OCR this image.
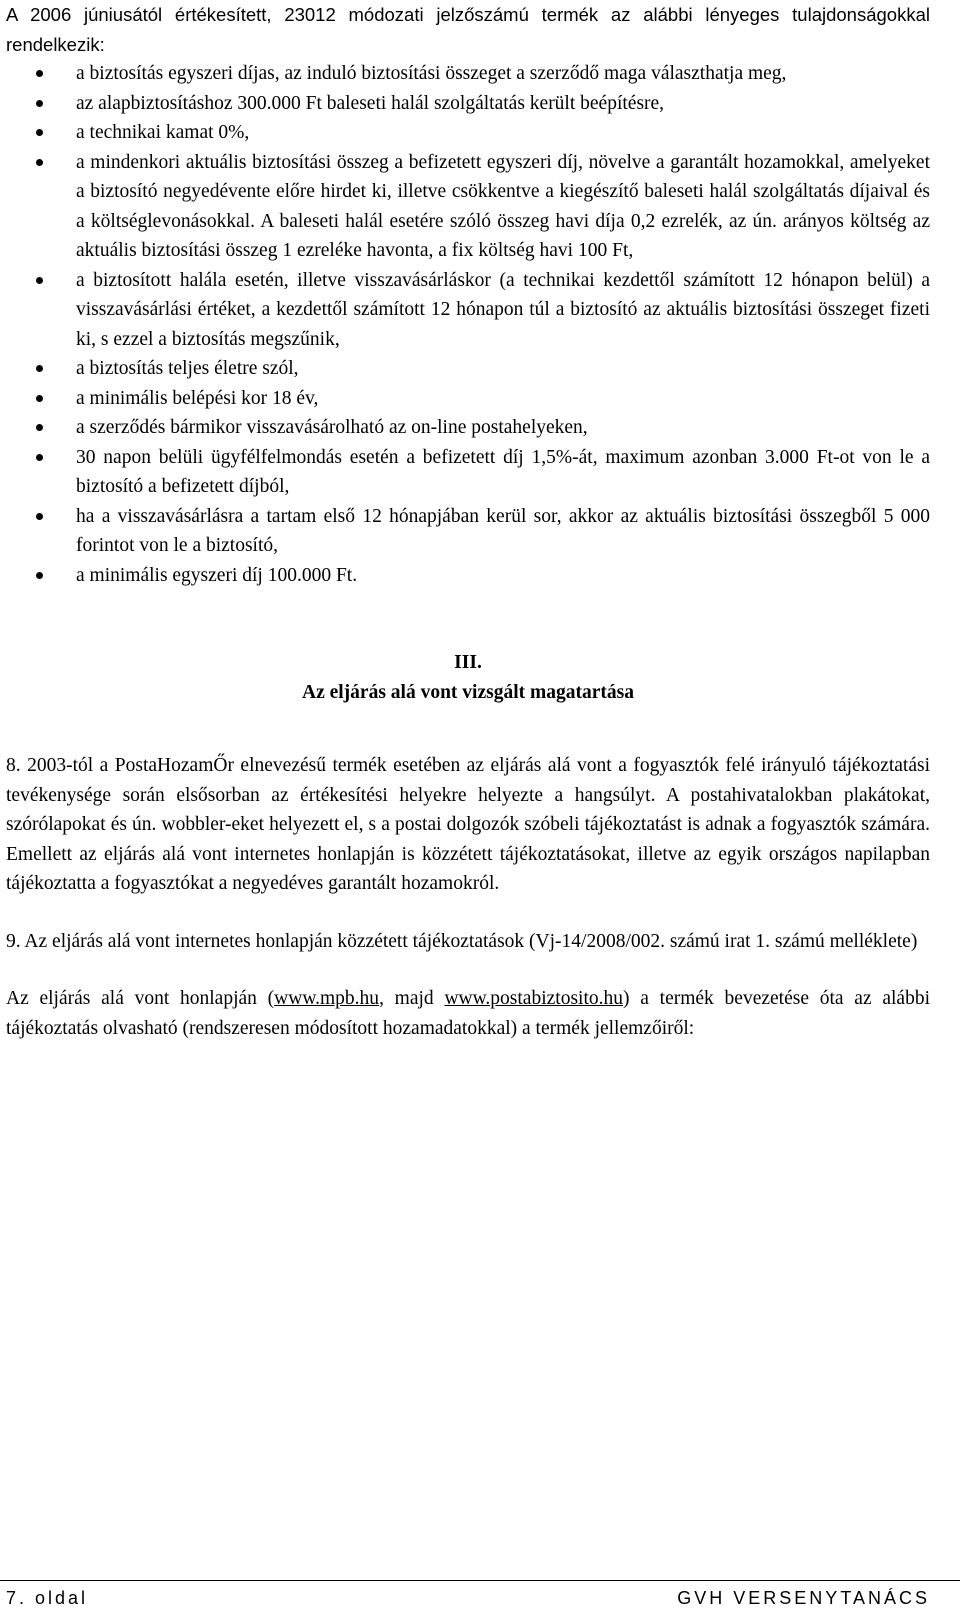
A 2006 júniusától értékesített, 23012 módozati jelzőszámú termék az alábbi lényeges tulajdonságokkal rendelkezik:

a biztosítás egyszeri díjas, az induló biztosítási összeget a szerződő maga választhatja meg,
az alapbiztosításhoz 300.000 Ft baleseti halál szolgáltatás került beépítésre,
a technikai kamat 0%,
a mindenkori aktuális biztosítási összeg a befizetett egyszeri díj, növelve a garantált hozamokkal, amelyeket a biztosító negyedévente előre hirdet ki, illetve csökkentve a kiegészítő baleseti halál szolgáltatás díjaival és a költséglevonásokkal. A baleseti halál esetére szóló összeg havi díja 0,2 ezrelék, az ún. arányos költség az aktuális biztosítási összeg 1 ezreléke havonta, a fix költség havi 100 Ft,
a biztosított halála esetén, illetve visszavásárláskor (a technikai kezdettől számított 12 hónapon belül) a visszavásárlási értéket, a kezdettől számított 12 hónapon túl a biztosító az aktuális biztosítási összeget fizeti ki, s ezzel a biztosítás megszűnik,
a biztosítás teljes életre szól,
a minimális belépési kor 18 év,
a szerződés bármikor visszavásárolható az on-line postahelyeken,
30 napon belüli ügyfélfelmondás esetén a befizetett díj 1,5%-át, maximum azonban 3.000 Ft-ot von le a biztosító a befizetett díjból,
ha a visszavásárlásra a tartam első 12 hónapjában kerül sor, akkor az aktuális biztosítási összegből 5 000 forintot von le a biztosító,
a minimális egyszeri díj 100.000 Ft.
III.
Az eljárás alá vont vizsgált magatartása

8. 2003-tól a PostaHozamŐr elnevezésű termék esetében az eljárás alá vont a fogyasztók felé irányuló tájékoztatási tevékenysége során elsősorban az értékesítési helyekre helyezte a hangsúlyt. A postahivatalokban plakátokat, szórólapokat és ún. wobbler-eket helyezett el, s a postai dolgozók szóbeli tájékoztatást is adnak a fogyasztók számára. Emellett az eljárás alá vont internetes honlapján is közzétett tájékoztatásokat, illetve az egyik országos napilapban tájékoztatta a fogyasztókat a negyedéves garantált hozamokról.

9. Az eljárás alá vont internetes honlapján közzétett tájékoztatások (Vj-14/2008/002. számú irat 1. számú melléklete)

Az eljárás alá vont honlapján (www.mpb.hu, majd www.postabiztosito.hu) a termék bevezetése óta az alábbi tájékoztatás olvasható (rendszeresen módosított hozamadatokkal) a termék jellemzőiről:

7. oldal	GVH VERSENYTANÁCS
